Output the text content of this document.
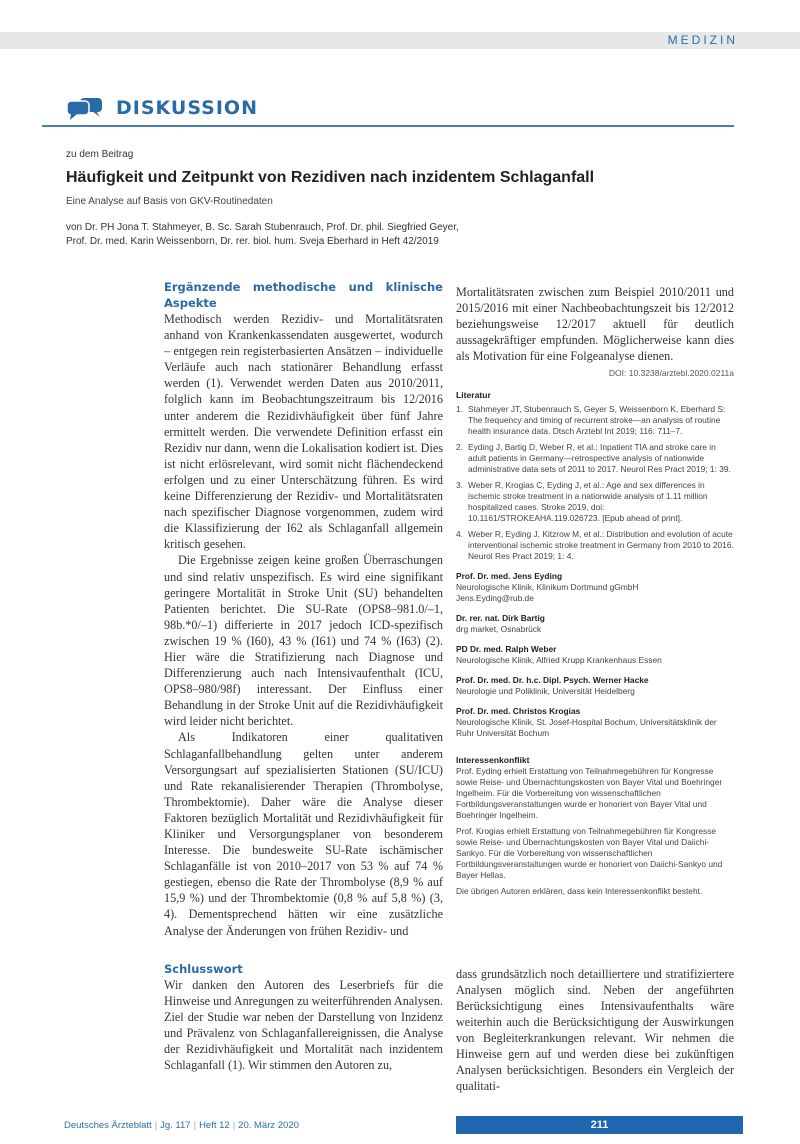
MEDIZIN
DISKUSSION
zu dem Beitrag
Häufigkeit und Zeitpunkt von Rezidiven nach inzidentem Schlaganfall
Eine Analyse auf Basis von GKV-Routinedaten
von Dr. PH Jona T. Stahmeyer, B. Sc. Sarah Stubenrauch, Prof. Dr. phil. Siegfried Geyer,
Prof. Dr. med. Karin Weissenborn, Dr. rer. biol. hum. Sveja Eberhard in Heft 42/2019

Ergänzende methodische und klinische Aspekte

Methodisch werden Rezidiv- und Mortalitätsraten anhand von Krankenkassendaten ausgewertet, wodurch – entgegen rein registerbasierten Ansätzen – individuelle Verläufe auch nach stationärer Behandlung erfasst werden (1). Verwendet werden Daten aus 2010/2011, folglich kann im Beobachtungszeitraum bis 12/2016 unter anderem die Rezidivhäufigkeit über fünf Jahre ermittelt werden. Die verwendete Definition erfasst ein Rezidiv nur dann, wenn die Lokalisation kodiert ist. Dies ist nicht erlösrelevant, wird somit nicht flächendeckend erfolgen und zu einer Unterschätzung führen. Es wird keine Differenzierung der Rezidiv- und Mortalitätsraten nach spezifischer Diagnose vorgenommen, zudem wird die Klassifizierung der I62 als Schlaganfall allgemein kritisch gesehen.

Die Ergebnisse zeigen keine großen Überraschungen und sind relativ unspezifisch. Es wird eine signifikant geringere Mortalität in Stroke Unit (SU) behandelten Patienten berichtet. Die SU-Rate (OPS8–981.0/–1, 98b.*0/–1) differierte in 2017 jedoch ICD-spezifisch zwischen 19 % (I60), 43 % (I61) und 74 % (I63) (2). Hier wäre die Stratifizierung nach Diagnose und Differenzierung auch nach Intensivaufenthalt (ICU, OPS8–980/98f) interessant. Der Einfluss einer Behandlung in der Stroke Unit auf die Rezidivhäufigkeit wird leider nicht berichtet.

Als Indikatoren einer qualitativen Schlaganfallbehandlung gelten unter anderem Versorgungsart auf spezialisierten Stationen (SU/ICU) und Rate rekanalisierender Therapien (Thrombolyse, Thrombektomie). Daher wäre die Analyse dieser Faktoren bezüglich Mortalität und Rezidivhäufigkeit für Kliniker und Versorgungsplaner von besonderem Interesse. Die bundesweite SU-Rate ischämischer Schlaganfälle ist von 2010–2017 von 53 % auf 74 % gestiegen, ebenso die Rate der Thrombolyse (8,9 % auf 15,9 %) und der Thrombektomie (0,8 % auf 5,8 %) (3, 4). Dementsprechend hätten wir eine zusätzliche Analyse der Änderungen von frühen Rezidiv- und

Mortalitätsraten zwischen zum Beispiel 2010/2011 und 2015/2016 mit einer Nachbeobachtungszeit bis 12/2012 beziehungsweise 12/2017 aktuell für deutlich aussagekräftiger empfunden. Möglicherweise kann dies als Motivation für eine Folgeanalyse dienen.

DOI: 10.3238/arztebl.2020.0211a
Literatur
1. Stahmeyer JT, Stubenrauch S, Geyer S, Weissenborn K, Eberhard S: The frequency and timing of recurrent stroke—an analysis of routine health insurance data. Dtsch Arztebl Int 2019; 116: 711–7.
2. Eyding J, Bartig D, Weber R, et al.: Inpatient TIA and stroke care in adult patients in Germany—retrospective analysis of nationwide administrative data sets of 2011 to 2017. Neurol Res Pract 2019; 1: 39.
3. Weber R, Krogias C, Eyding J, et al.: Age and sex differences in ischemic stroke treatment in a nationwide analysis of 1.11 million hospitalized cases. Stroke 2019, doi: 10.1161/STROKEAHA.119.026723. [Epub ahead of print].
4. Weber R, Eyding J, Kitzrow M, et al.: Distribution and evolution of acute interventional ischemic stroke treatment in Germany from 2010 to 2016. Neurol Res Pract 2019; 1: 4.
Prof. Dr. med. Jens Eyding
Neurologische Klinik, Klinikum Dortmund gGmbH
Jens.Eyding@rub.de
Dr. rer. nat. Dirk Bartig
drg market, Osnabrück
PD Dr. med. Ralph Weber
Neurologische Klinik, Alfried Krupp Krankenhaus Essen
Prof. Dr. med. Dr. h.c. Dipl. Psych. Werner Hacke
Neurologie und Poliklinik, Universität Heidelberg
Prof. Dr. med. Christos Krogias
Neurologische Klinik, St. Josef-Hospital Bochum, Universitätsklinik der Ruhr Universität Bochum
Interessenkonflikt

Prof. Eyding erhielt Erstattung von Teilnahmegebühren für Kongresse sowie Reise- und Übernachtungskosten von Bayer Vital und Boehringer Ingelheim. Für die Vorbereitung von wissenschaftlichen Fortbildungsveranstaltungen wurde er honoriert von Bayer Vital und Boehringer Ingelheim.

Prof. Krogias erhielt Erstattung von Teilnahmegebühren für Kongresse sowie Reise- und Übernachtungskosten von Bayer Vital und Daiichi-Sankyo. Für die Vorbereitung von wissenschaftlichen Fortbildungsveranstaltungen wurde er honoriert von Daiichi-Sankyo und Bayer Hellas.

Die übrigen Autoren erklären, dass kein Interessenkonflikt besteht.

Schlusswort

Wir danken den Autoren des Leserbriefs für die Hinweise und Anregungen zu weiterführenden Analysen. Ziel der Studie war neben der Darstellung von Inzidenz und Prävalenz von Schlaganfallereignissen, die Analyse der Rezidivhäufigkeit und Mortalität nach inzidentem Schlaganfall (1). Wir stimmen den Autoren zu,

dass grundsätzlich noch detailliertere und stratifiziertere Analysen möglich sind. Neben der angeführten Berücksichtigung eines Intensivaufenthalts wäre weiterhin auch die Berücksichtigung der Auswirkungen von Begleiterkrankungen relevant. Wir nehmen die Hinweise gern auf und werden diese bei zukünftigen Analysen berücksichtigen. Besonders ein Vergleich der qualitati-

Deutsches Ärzteblatt | Jg. 117 | Heft 12 | 20. März 2020	211
